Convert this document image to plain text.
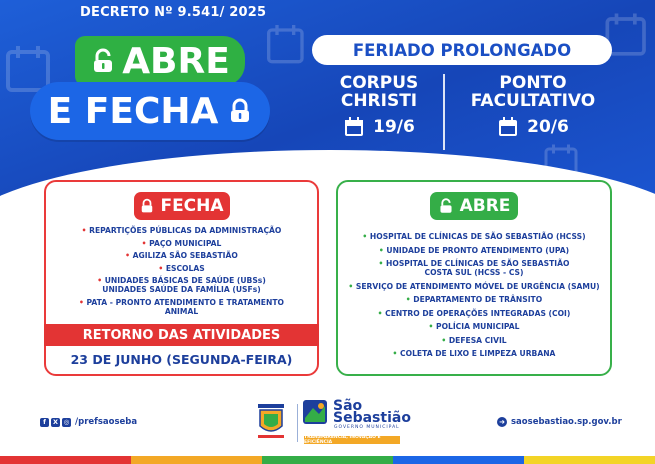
DECRETO Nº 9.541/ 2025
ABRE
E FECHA
FERIADO PROLONGADO
CORPUS
CHRISTI
19/6
PONTO
FACULTATIVO
20/6
FECHA
• REPARTIÇÕES PÚBLICAS DA ADMINISTRAÇÃO
• PAÇO MUNICIPAL
• AGILIZA SÃO SEBASTIÃO
• ESCOLAS
• UNIDADES BÁSICAS DE SAÚDE (UBSs) UNIDADES SAÚDE DA FAMÍLIA (USFs)
• PATA - PRONTO ATENDIMENTO E TRATAMENTO ANIMAL
RETORNO DAS ATIVIDADES
23 DE JUNHO (SEGUNDA-FEIRA)
ABRE
• HOSPITAL DE CLÍNICAS DE SÃO SEBASTIÃO (HCSS)
• UNIDADE DE PRONTO ATENDIMENTO (UPA)
• HOSPITAL DE CLÍNICAS DE SÃO SEBASTIÃO COSTA SUL (HCSS - CS)
• SERVIÇO DE ATENDIMENTO MÓVEL DE URGÊNCIA (SAMU)
• DEPARTAMENTO DE TRÂNSITO
• CENTRO DE OPERAÇÕES INTEGRADAS (COI)
• POLÍCIA MUNICIPAL
• DEFESA CIVIL
• COLETA DE LIXO E LIMPEZA URBANA
f	X ◎ /prefsaoseba
São
Sebastião
GOVERNO MUNICIPAL
TRANSPARÊNCIA, INOVAÇÃO E EFICIÊNCIA
➜ saosebastiao.sp.gov.br
